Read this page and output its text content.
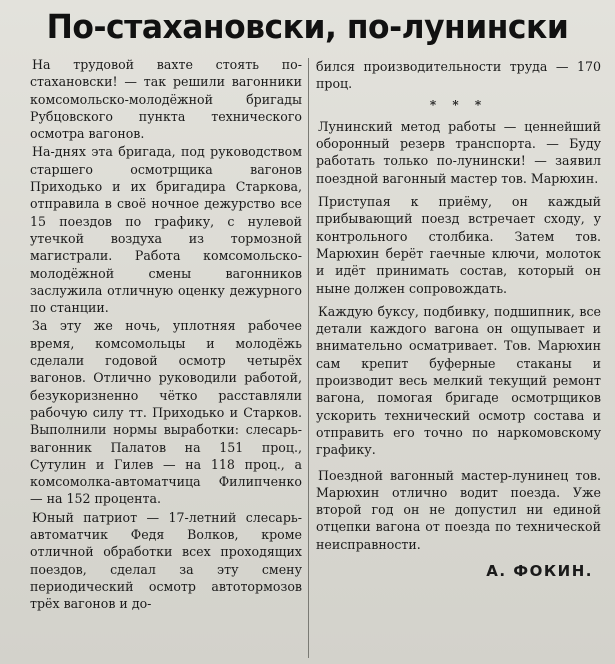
По-стахановски, по-лунински

На трудовой вахте стоять по-стахановски! — так решили вагонники комсомольско-молодёжной бригады Рубцовского пункта технического осмотра вагонов.

На-днях эта бригада, под руководством старшего осмотрщика вагонов Приходько и их бригадира Старкова, отправила в своё ночное дежурство все 15 поездов по графику, с нулевой утечкой воздуха из тормозной магистрали. Работа комсомольско-молодёжной смены вагонников заслужила отличную оценку дежурного по станции.

За эту же ночь, уплотняя рабочее время, комсомольцы и молодёжь сделали годовой осмотр четырёх вагонов. Отлично руководили работой, безукоризненно чётко расставляли рабочую силу тт. Приходько и Старков. Выполнили нормы выработки: слесарь-вагонник Палатов на 151 проц., Сутулин и Гилев — на 118 проц., а комсомолка-автоматчица Филипченко — на 152 процента.

Юный патриот — 17-летний слесарь-автоматчик Федя Волков, кроме отличной обработки всех проходящих поездов, сделал за эту смену периодический осмотр автотормозов трёх вагонов и до-

бился производительности труда — 170 проц.

* * *

Лунинский метод работы — ценнейший оборонный резерв транспорта. — Буду работать только по-лунински! — заявил поездной вагонный мастер тов. Марюхин.

Приступая к приёму, он каждый прибывающий поезд встречает сходу, у контрольного столбика. Затем тов. Марюхин берёт гаечные ключи, молоток и идёт принимать состав, который он ныне должен сопровождать.

Каждую буксу, подбивку, подшипник, все детали каждого вагона он ощупывает и внимательно осматривает. Тов. Марюхин сам крепит буферные стаканы и производит весь мелкий текущий ремонт вагона, помогая бригаде осмотрщиков ускорить технический осмотр состава и отправить его точно по наркомовскому графику.

Поездной вагонный мастер-лунинец тов. Марюхин отлично водит поезда. Уже второй год он не допустил ни единой отцепки вагона от поезда по технической неисправности.

А. ФОКИН.
